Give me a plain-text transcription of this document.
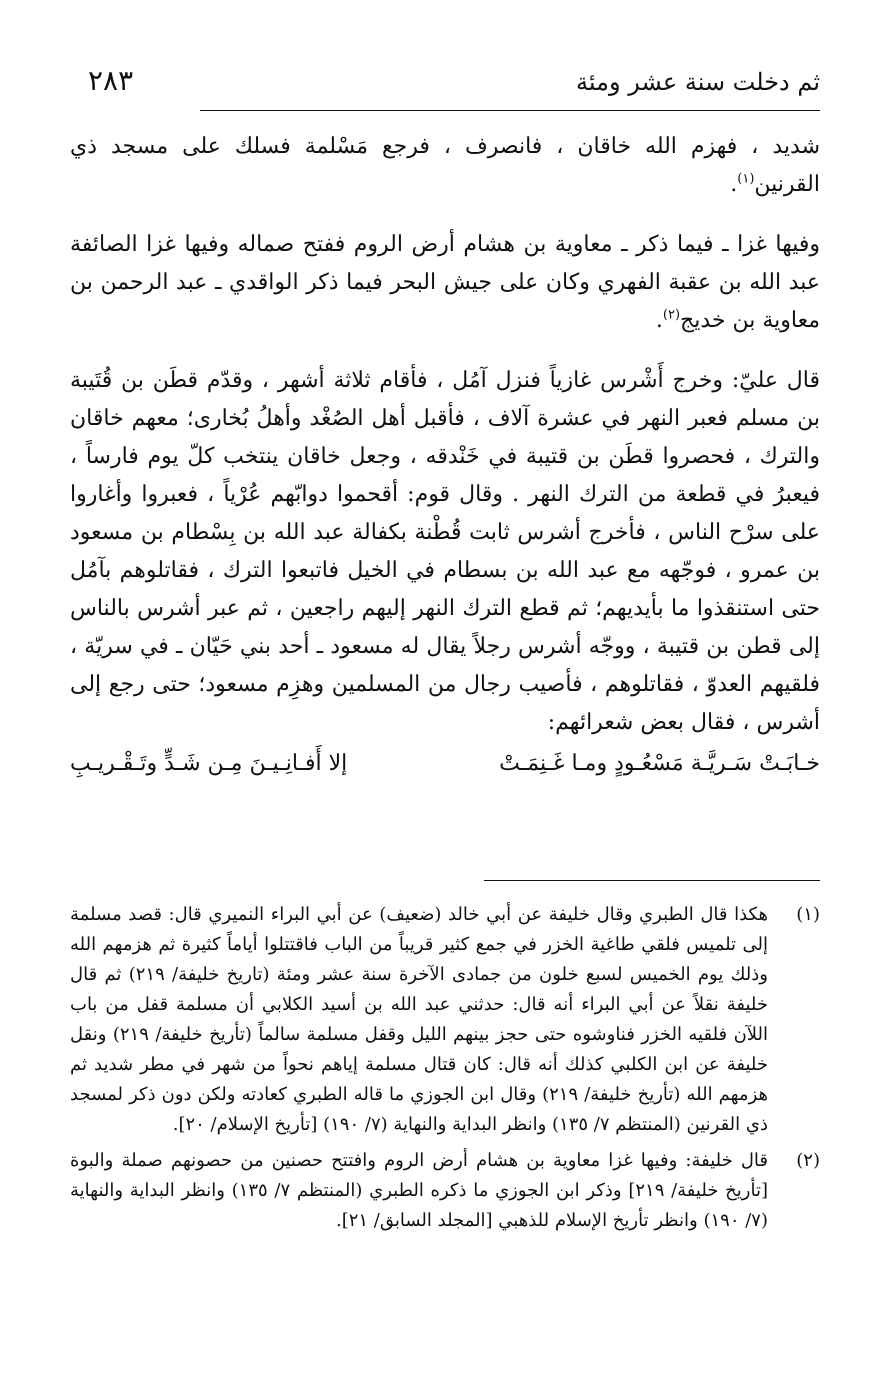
٢٨٣	ثم دخلت سنة عشر ومئة

شديد ، فهزم الله خاقان ، فانصرف ، فرجع مَسْلمة فسلك على مسجد ذي القرنين$^{(١)}$.

وفيها غزا ـ فيما ذكر ـ معاوية بن هشام أرض الروم ففتح صماله وفيها غزا الصائفة عبد الله بن عقبة الفهري وكان على جيش البحر فيما ذكر الواقدي ـ عبد الرحمن بن معاوية بن خديج$^{(٢)}$.

قال عليّ: وخرج أَشْرس غازياً فنزل آمُل ، فأقام ثلاثة أشهر ، وقدّم قطَن بن قُتَيبة بن مسلم فعبر النهر في عشرة آلاف ، فأقبل أهل الصُغْد وأهلُ بُخارى؛ معهم خاقان والترك ، فحصروا قطَن بن قتيبة في خَنْدقه ، وجعل خاقان ينتخب كلّ يوم فارساً ، فيعبرُ في قطعة من الترك النهر . وقال قوم: أقحموا دوابّهم عُرْياً ، فعبروا وأغاروا على سرْح الناس ، فأخرج أشرس ثابت قُطْنة بكفالة عبد الله بن بِسْطام بن مسعود بن عمرو ، فوجّهه مع عبد الله بن بسطام في الخيل فاتبعوا الترك ، فقاتلوهم بآمُل حتى استنقذوا ما بأيديهم؛ ثم قطع الترك النهر إليهم راجعين ، ثم عبر أشرس بالناس إلى قطن بن قتيبة ، ووجّه أشرس رجلاً يقال له مسعود ـ أحد بني حَيّان ـ في سريّة ، فلقيهم العدوّ ، فقاتلوهم ، فأصيب رجال من المسلمين وهزِم مسعود؛ حتى رجع إلى أشرس ، فقال بعض شعرائهم:

خـابَـتْ سَـريَّـة مَسْعُـودٍ ومـا غَـنِمَـتْ
إلا أَفـانِـيـنَ مِـن شَـدٍّ وتَـقْـريـبِ
(١)
هكذا قال الطبري وقال خليفة عن أبي خالد (ضعيف) عن أبي البراء النميري قال: قصد مسلمة إلى تلميس فلقي طاغية الخزر في جمع كثير قريباً من الباب فاقتتلوا أياماً كثيرة ثم هزمهم الله وذلك يوم الخميس لسبع خلون من جمادى الآخرة سنة عشر ومئة (تاريخ خليفة/ ٢١٩) ثم قال خليفة نقلاً عن أبي البراء أنه قال: حدثني عبد الله بن أسيد الكلابي أن مسلمة قفل من باب اللآن فلقيه الخزر فناوشوه حتى حجز بينهم الليل وقفل مسلمة سالماً (تأريخ خليفة/ ٢١٩) ونقل خليفة عن ابن الكلبي كذلك أنه قال: كان قتال مسلمة إياهم نحواً من شهر في مطر شديد ثم هزمهم الله (تأريخ خليفة/ ٢١٩) وقال ابن الجوزي ما قاله الطبري كعادته ولكن دون ذكر لمسجد ذي القرنين (المنتظم ٧/ ١٣٥) وانظر البداية والنهاية (٧/ ١٩٠) [تأريخ الإسلام/ ٢٠].
(٢)
قال خليفة: وفيها غزا معاوية بن هشام أرض الروم وافتتح حصنين من حصونهم صملة والبوة [تأريخ خليفة/ ٢١٩] وذكر ابن الجوزي ما ذكره الطبري (المنتظم ٧/ ١٣٥) وانظر البداية والنهاية (٧/ ١٩٠) وانظر تأريخ الإسلام للذهبي [المجلد السابق/ ٢١].
